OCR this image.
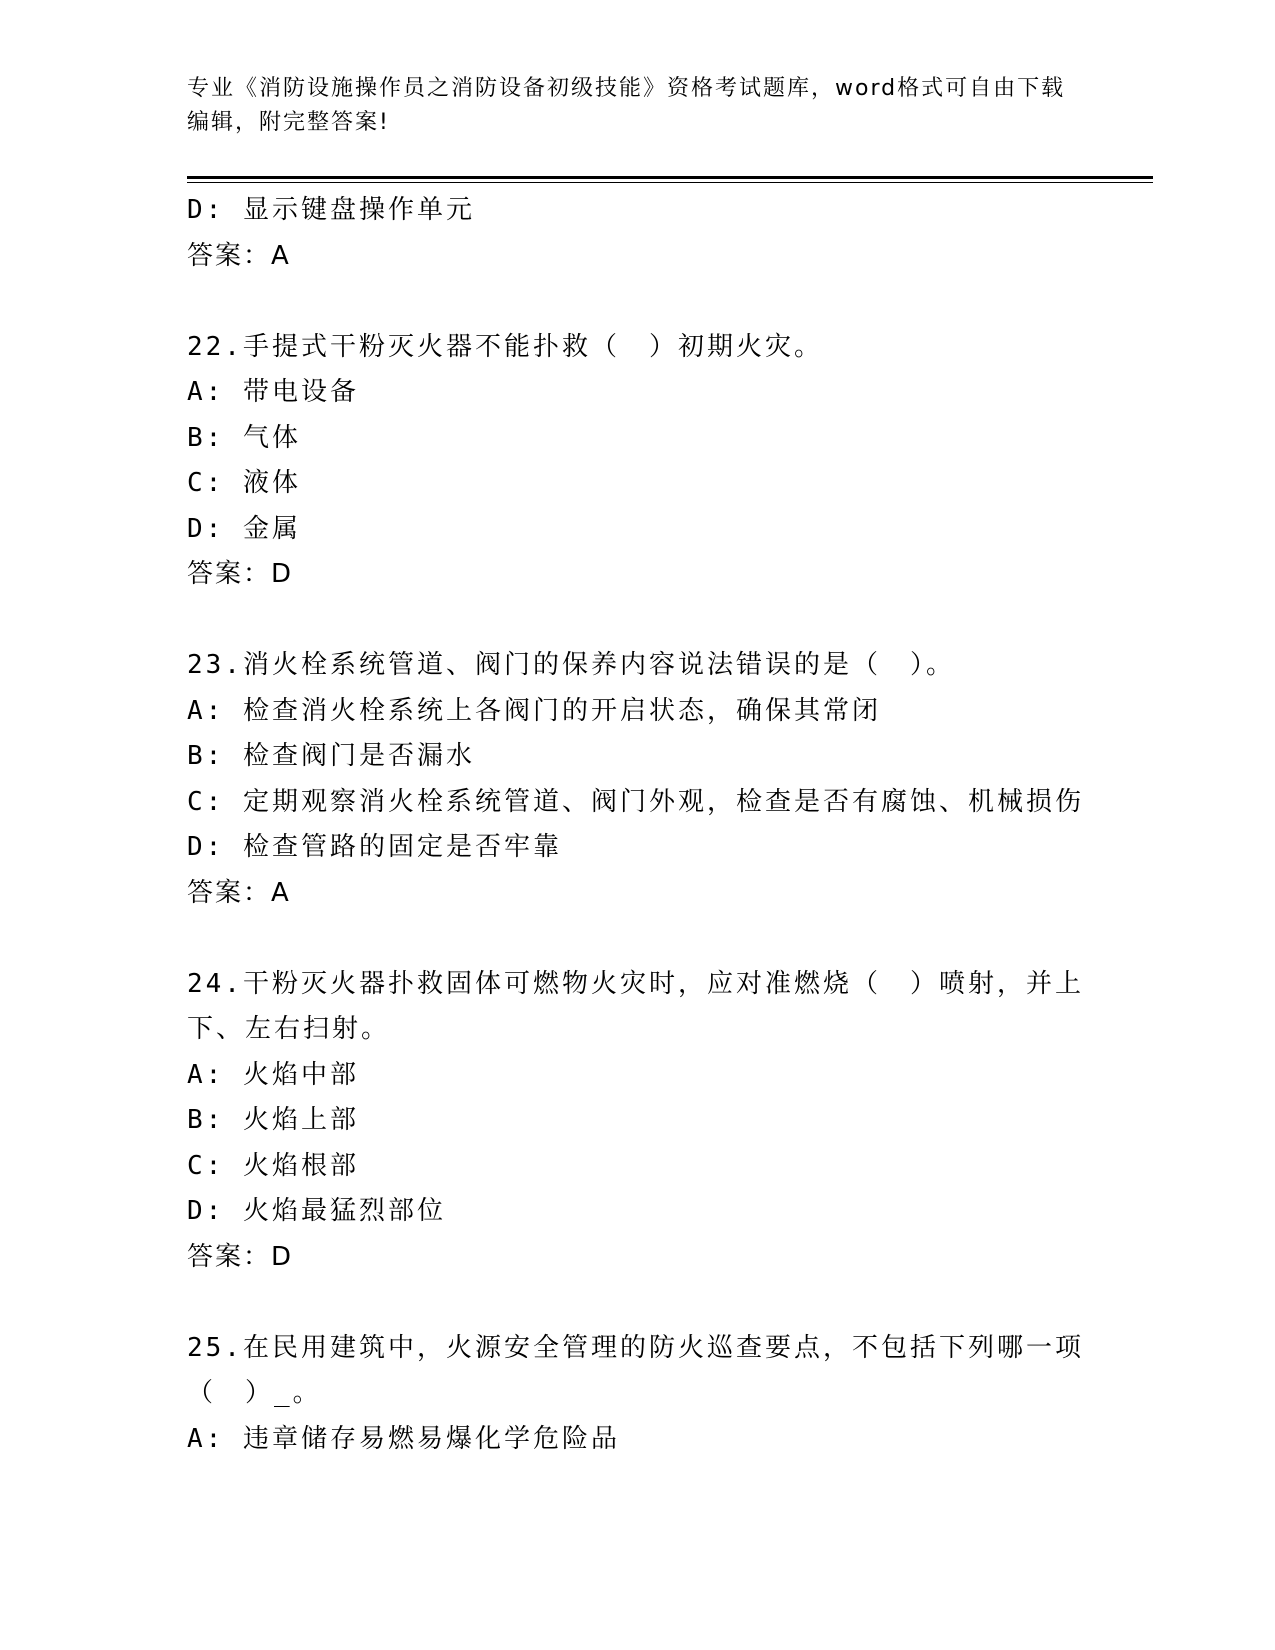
专业《消防设施操作员之消防设备初级技能》资格考试题库，word格式可自由下载编辑，附完整答案!
D: 显示键盘操作单元
答案：A
22.手提式干粉灭火器不能扑救（　）初期火灾。
A: 带电设备
B: 气体
C: 液体
D: 金属
答案：D
23.消火栓系统管道、阀门的保养内容说法错误的是（　）。
A: 检查消火栓系统上各阀门的开启状态，确保其常闭
B: 检查阀门是否漏水
C: 定期观察消火栓系统管道、阀门外观，检查是否有腐蚀、机械损伤
D: 检查管路的固定是否牢靠
答案：A
24.干粉灭火器扑救固体可燃物火灾时，应对准燃烧（　）喷射，并上
下、左右扫射。
A: 火焰中部
B: 火焰上部
C: 火焰根部
D: 火焰最猛烈部位
答案：D
25.在民用建筑中，火源安全管理的防火巡查要点，不包括下列哪一项
（　）_。
A: 违章储存易燃易爆化学危险品
